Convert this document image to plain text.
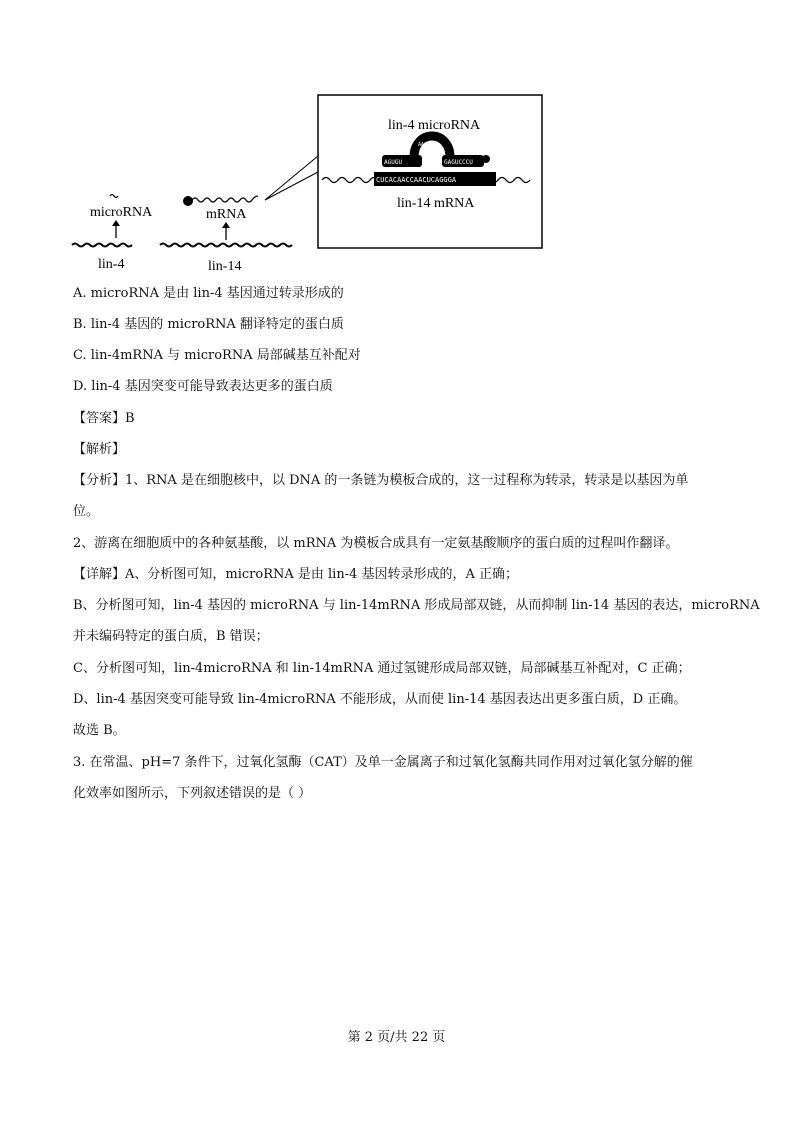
CUCACAACCAACUCAGGGA
AGUGU	GAGUCCCU
AACUCC
lin-4 microRNA
lin-14 mRNA
microRNA	mRNA
lin-4	lin-14
A. microRNA 是由 lin-4 基因通过转录形成的
B. lin-4 基因的 microRNA 翻译特定的蛋白质
C. lin-4mRNA 与 microRNA 局部碱基互补配对
D. lin-4 基因突变可能导致表达更多的蛋白质
【答案】B
【解析】
【分析】1、RNA 是在细胞核中，以 DNA 的一条链为模板合成的，这一过程称为转录，转录是以基因为单
位。
2、游离在细胞质中的各种氨基酸，以 mRNA 为模板合成具有一定氨基酸顺序的蛋白质的过程叫作翻译。
【详解】A、分析图可知，microRNA 是由 lin-4 基因转录形成的，A 正确；
B、分析图可知，lin-4 基因的 microRNA 与 lin-14mRNA 形成局部双链，从而抑制 lin-14 基因的表达，microRNA
并未编码特定的蛋白质，B 错误；
C、分析图可知，lin-4microRNA 和 lin-14mRNA 通过氢键形成局部双链，局部碱基互补配对，C 正确；
D、lin-4 基因突变可能导致 lin-4microRNA 不能形成，从而使 lin-14 基因表达出更多蛋白质，D 正确。
故选 B。
3. 在常温、pH=7 条件下，过氧化氢酶（CAT）及单一金属离子和过氧化氢酶共同作用对过氧化氢分解的催
化效率如图所示，下列叙述错误的是（ ）
第 2 页/共 22 页
